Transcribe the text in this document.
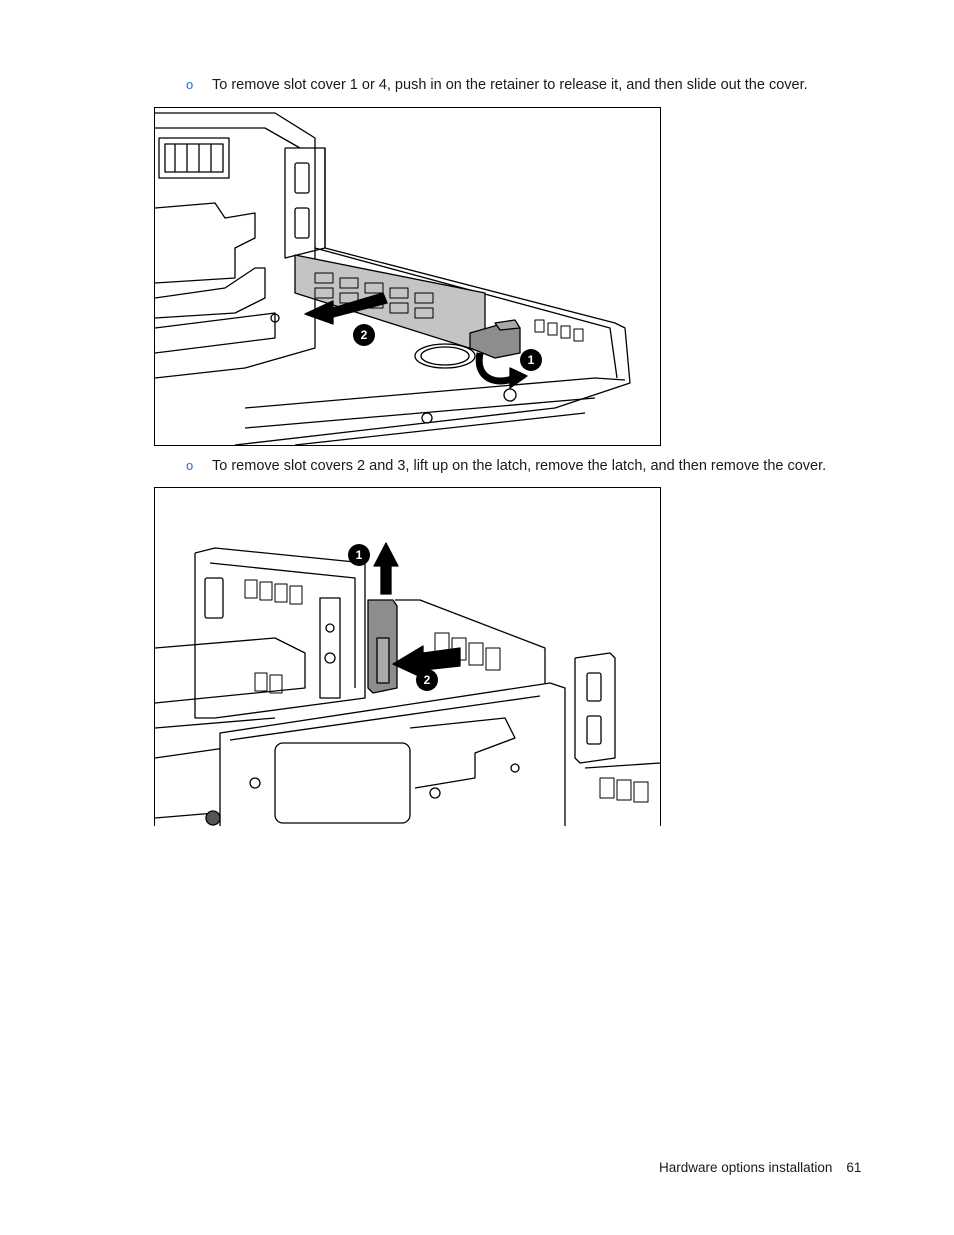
o To remove slot cover 1 or 4, push in on the retainer to release it, and then slide out the cover.
2
1
o To remove slot covers 2 and 3, lift up on the latch, remove the latch, and then remove the cover.
1
2
Hardware options installation 61
